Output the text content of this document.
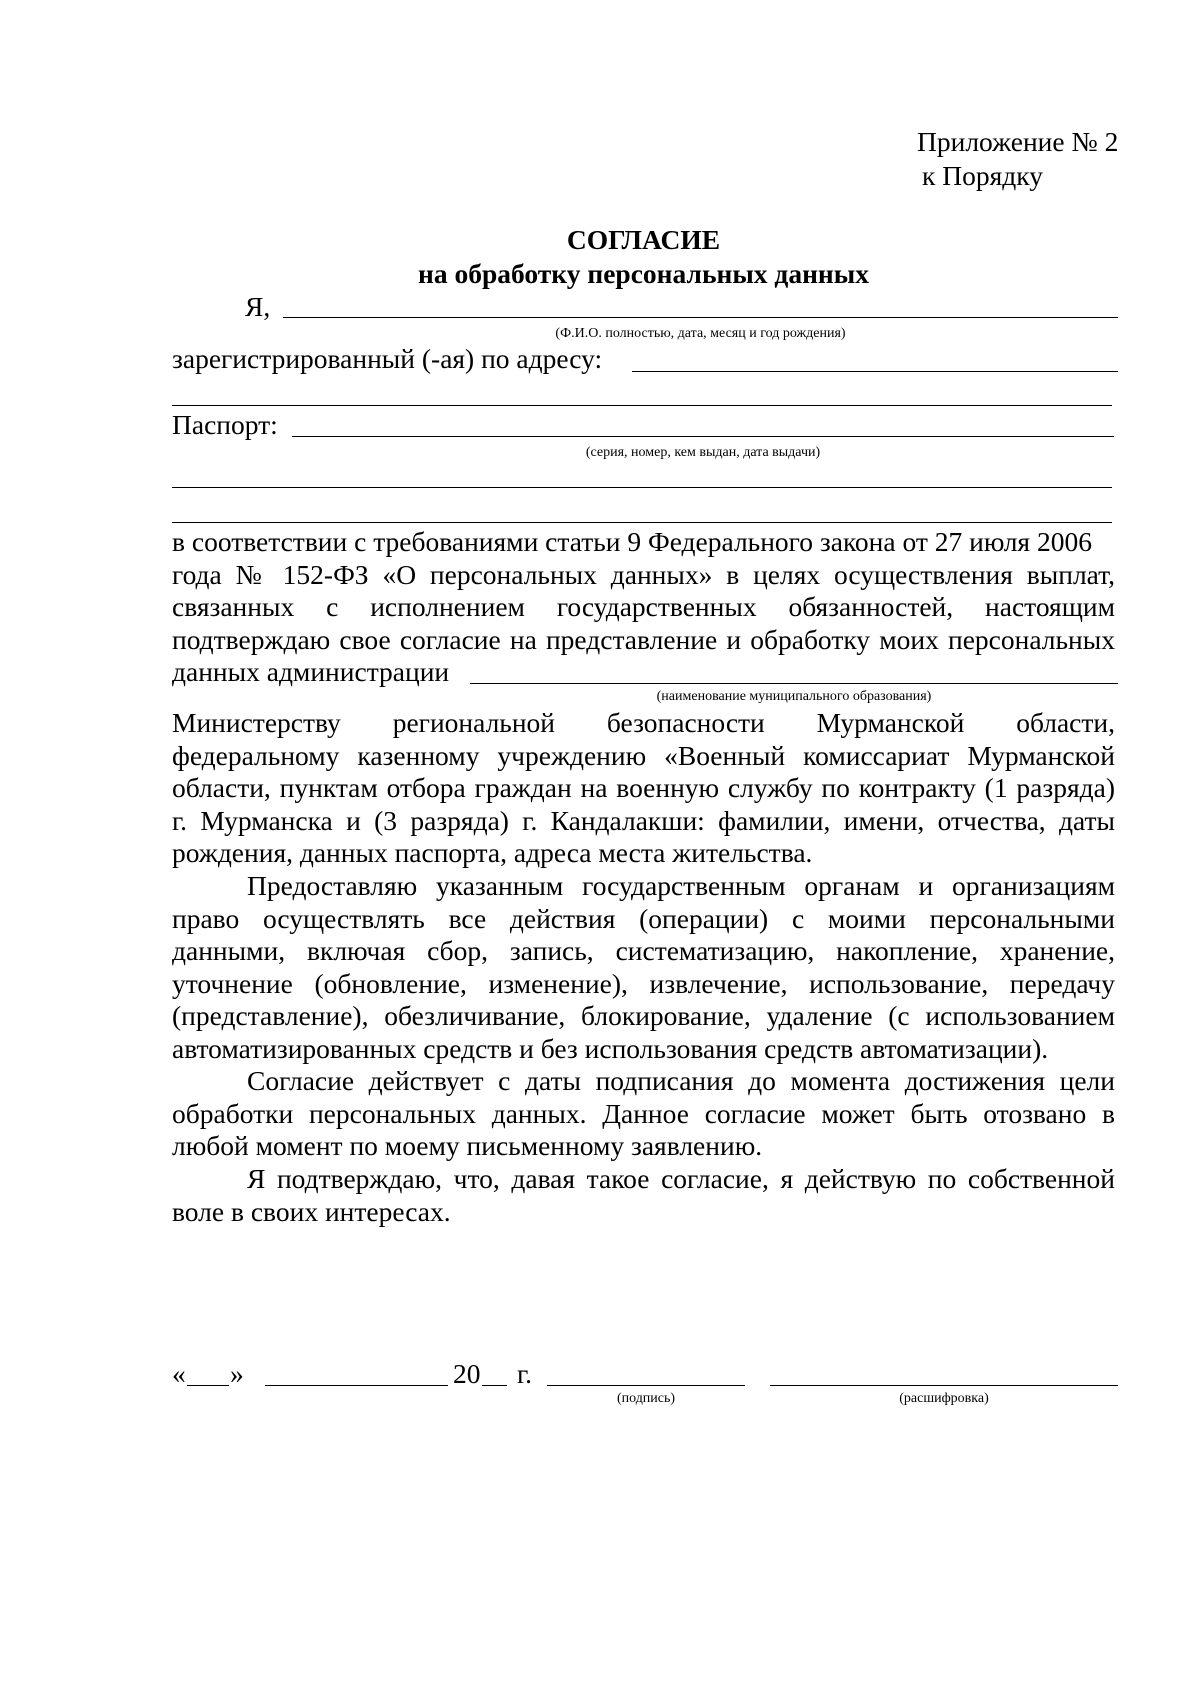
Приложение № 2
к Порядку
СОГЛАСИЕ
на обработку персональных данных
Я,
(Ф.И.О. полностью, дата, месяц и год рождения)
зарегистрированный (-ая) по адресу:
Паспорт:
(серия, номер, кем выдан, дата выдачи)
в соответствии с требованиями статьи 9 Федерального закона от 27 июля 2006
года № 152-ФЗ «О персональных данных» в целях осуществления выплат,
связанных с исполнением государственных обязанностей, настоящим
подтверждаю свое согласие на представление и обработку моих персональных
данных администрации
(наименование муниципального образования)
Министерству региональной безопасности Мурманской области,
федеральному казенному учреждению «Военный комиссариат Мурманской
области, пунктам отбора граждан на военную службу по контракту (1 разряда)
г. Мурманска и (3 разряда) г. Кандалакши: фамилии, имени, отчества, даты
рождения, данных паспорта, адреса места жительства.
Предоставляю указанным государственным органам и организациям
право осуществлять все действия (операции) с моими персональными
данными, включая сбор, запись, систематизацию, накопление, хранение,
уточнение (обновление, изменение), извлечение, использование, передачу
(представление), обезличивание, блокирование, удаление (с использованием
автоматизированных средств и без использования средств автоматизации).
Согласие действует с даты подписания до момента достижения цели
обработки персональных данных. Данное согласие может быть отозвано в
любой момент по моему письменному заявлению.
Я подтверждаю, что, давая такое согласие, я действую по собственной
воле в своих интересах.
« »	20 г.
(подпись)	(расшифровка)
